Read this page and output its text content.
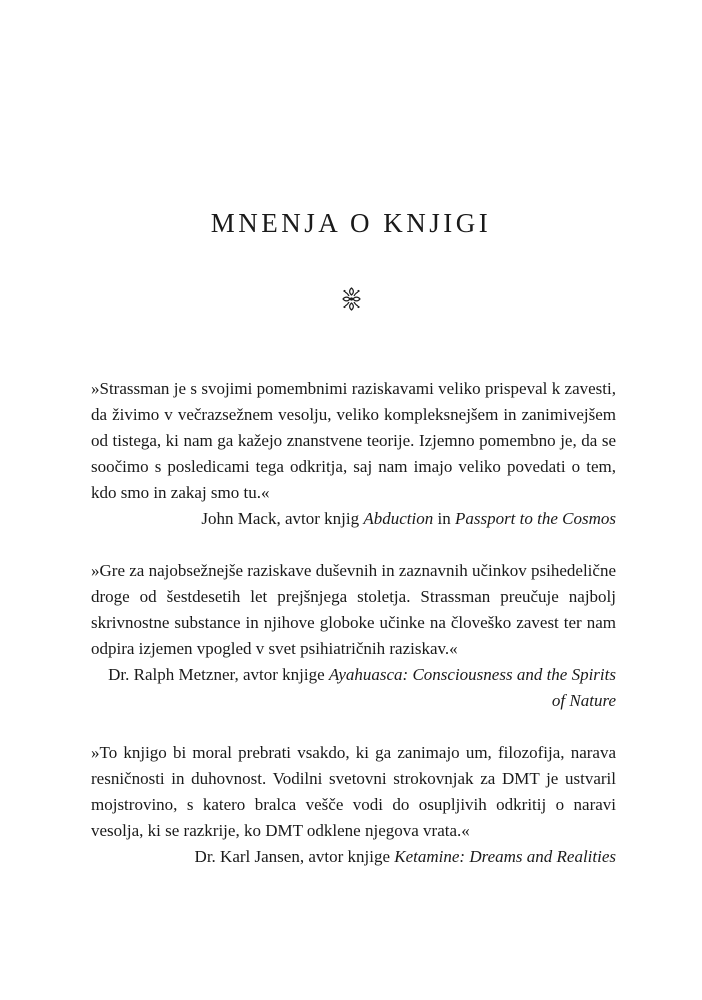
MNENJA O KNJIGI

»Strassman je s svojimi pomembnimi raziskavami veliko prispeval k zavesti, da živimo v večrazsežnem vesolju, veliko kompleksnejšem in zanimivejšem od tistega, ki nam ga kažejo znanstvene teorije. Izjemno pomembno je, da se soočimo s posledicami tega odkritja, saj nam imajo veliko povedati o tem, kdo smo in zakaj smo tu.«

John Mack, avtor knjig Abduction in Passport to the Cosmos

»Gre za najobsežnejše raziskave duševnih in zaznavnih učinkov psihedelične droge od šestdesetih let prejšnjega stoletja. Strassman preučuje najbolj skrivnostne substance in njihove globoke učinke na človeško zavest ter nam odpira izjemen vpogled v svet psihiatričnih raziskav.«

Dr. Ralph Metzner, avtor knjige Ayahuasca: Consciousness and the Spirits of Nature

»To knjigo bi moral prebrati vsakdo, ki ga zanimajo um, filozofija, narava resničnosti in duhovnost. Vodilni svetovni strokovnjak za DMT je ustvaril mojstrovino, s katero bralca vešče vodi do osupljivih odkritij o naravi vesolja, ki se razkrije, ko DMT odklene njegova vrata.«

Dr. Karl Jansen, avtor knjige Ketamine: Dreams and Realities
